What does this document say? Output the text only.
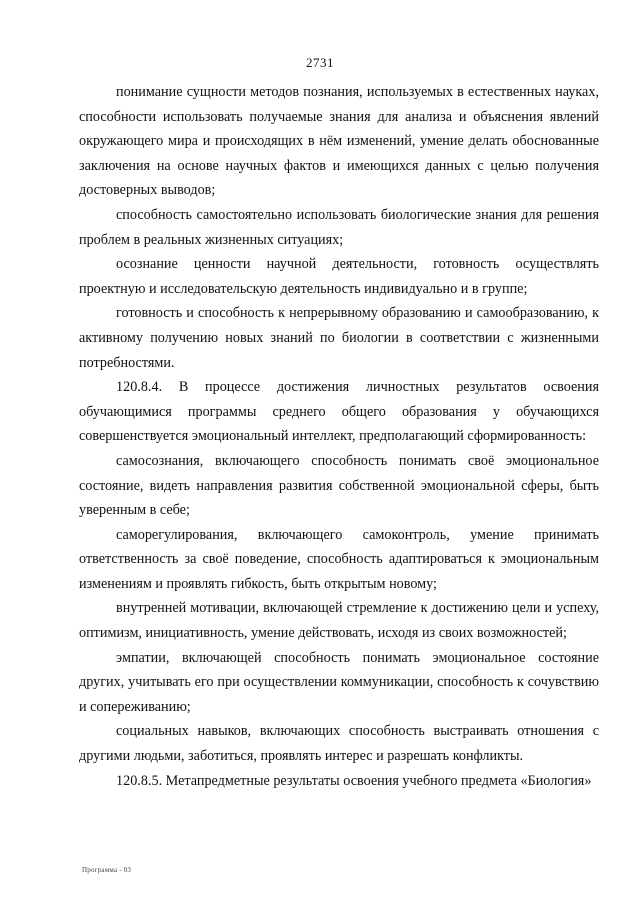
2731

понимание сущности методов познания, используемых в естественных науках, способности использовать получаемые знания для анализа и объяснения явлений окружающего мира и происходящих в нём изменений, умение делать обоснованные заключения на основе научных фактов и имеющихся данных с целью получения достоверных выводов;

способность самостоятельно использовать биологические знания для решения проблем в реальных жизненных ситуациях;

осознание ценности научной деятельности, готовность осуществлять проектную и исследовательскую деятельность индивидуально и в группе;

готовность и способность к непрерывному образованию и самообразованию, к активному получению новых знаний по биологии в соответствии с жизненными потребностями.

120.8.4. В процессе достижения личностных результатов освоения обучающимися программы среднего общего образования у обучающихся совершенствуется эмоциональный интеллект, предполагающий сформированность:

самосознания, включающего способность понимать своё эмоциональное состояние, видеть направления развития собственной эмоциональной сферы, быть уверенным в себе;

саморегулирования, включающего самоконтроль, умение принимать ответственность за своё поведение, способность адаптироваться к эмоциональным изменениям и проявлять гибкость, быть открытым новому;

внутренней мотивации, включающей стремление к достижению цели и успеху, оптимизм, инициативность, умение действовать, исходя из своих возможностей;

эмпатии, включающей способность понимать эмоциональное состояние других, учитывать его при осуществлении коммуникации, способность к сочувствию и сопереживанию;

социальных навыков, включающих способность выстраивать отношения с другими людьми, заботиться, проявлять интерес и разрешать конфликты.

120.8.5. Метапредметные результаты освоения учебного предмета «Биология»

Программа - 03
